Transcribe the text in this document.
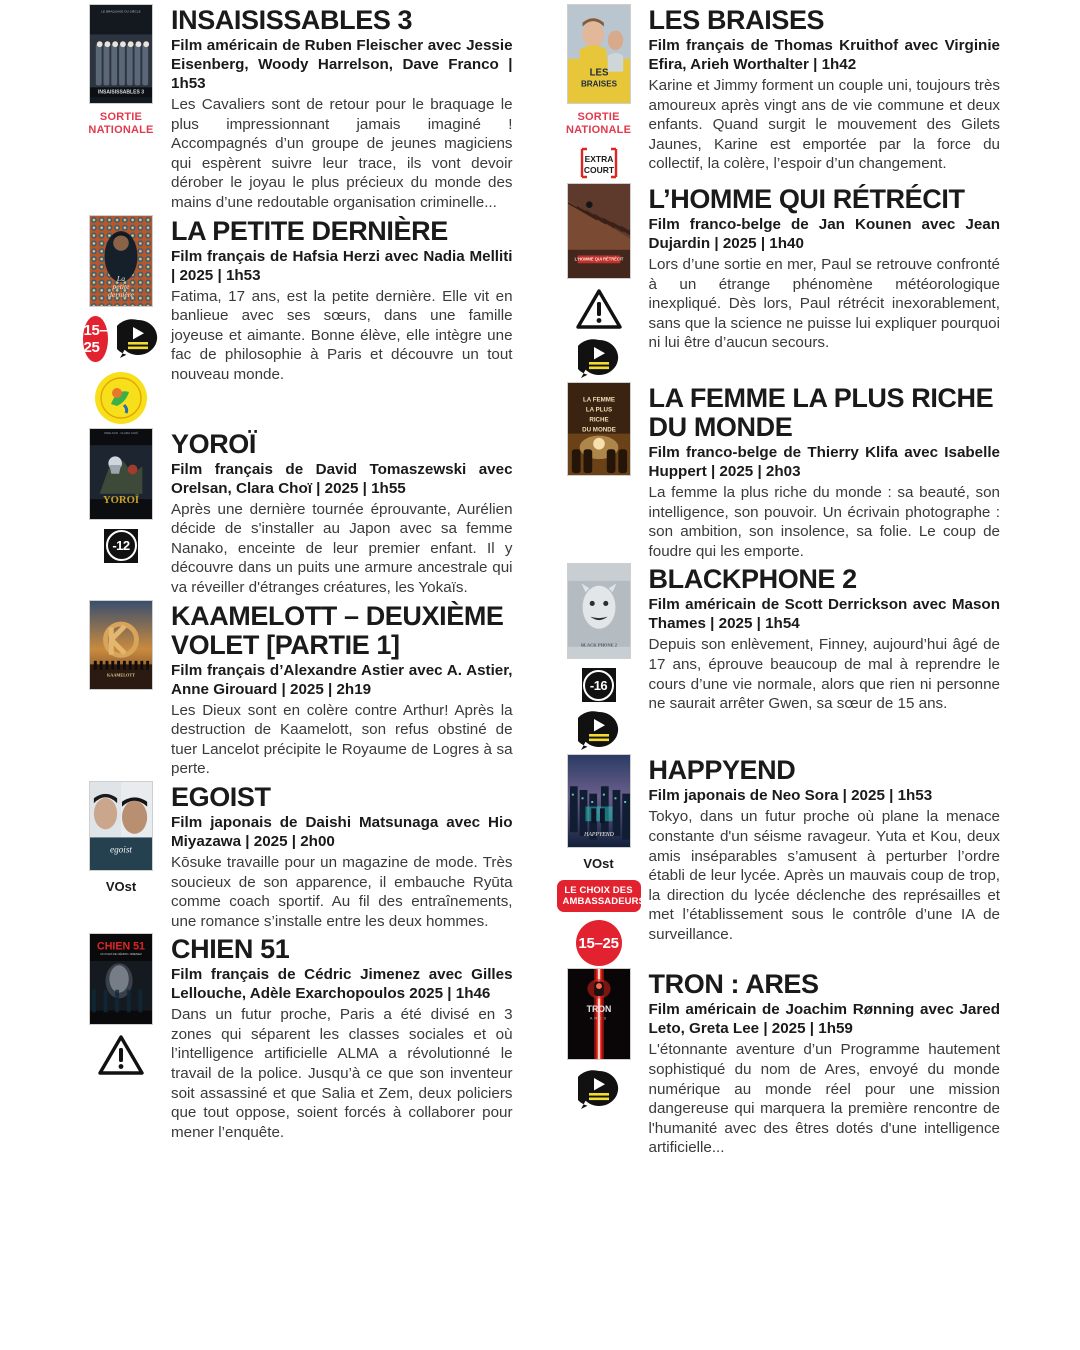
INSAISISSABLES 3
LE BRAQUAGE DU SIÈCLE
SORTIE
NATIONALE
INSAISISSABLES 3

Film américain de Ruben Fleischer avec Jessie Eisenberg, Woody Harrelson, Dave Franco | 1h53

Les Cavaliers sont de retour pour le braquage le plus impressionnant jamais imaginé ! Accompagnés d’un groupe de jeunes magiciens qui espèrent suivre leur trace, ils vont devoir dérober le joyau le plus précieux du monde des mains d’une redoutable organisation criminelle...

La
petite
dernière
15–25
LA PETITE DERNIÈRE

Film français de Hafsia Herzi avec Nadia Melliti | 2025 | 1h53

Fatima, 17 ans, est la petite dernière. Elle vit en banlieue avec ses sœurs, dans une famille joyeuse et aimante. Bonne élève, elle intègre une fac de philosophie à Paris et découvre un tout nouveau monde.

YOROÏ
ORELSAN · CLARA CHOÏ
-12
YOROÏ

Film français de David Tomaszewski avec Orelsan, Clara Choï | 2025 | 1h55

Après une dernière tournée éprouvante, Aurélien décide de s'installer au Japon avec sa femme Nanako, enceinte de leur premier enfant. Il y découvre dans un puits une armure ancestrale qui va réveiller d'étranges créatures, les Yokaïs.

KAAMELOTT
KAAMELOTT – DEUXIÈME VOLET [PARTIE 1]

Film français d’Alexandre Astier avec A. Astier, Anne Girouard | 2025 | 2h19

Les Dieux sont en colère contre Arthur! Après la destruction de Kaamelott, son refus obstiné de tuer Lancelot précipite le Royaume de Logres à sa perte.

egoist
VOst
EGOIST

Film japonais de Daishi Matsunaga avec Hio Miyazawa | 2025 | 2h00

Kōsuke travaille pour un magazine de mode. Très soucieux de son apparence, il embauche Ryūta comme coach sportif. Au fil des entraînements, une romance s’installe entre les deux hommes.

CHIEN 51
UN FILM DE CÉDRIC JIMENEZ CHIEN 51

Film français de Cédric Jimenez avec Gilles Lellouche, Adèle Exarchopoulos 2025 | 1h46

Dans un futur proche, Paris a été divisé en 3 zones qui séparent les classes sociales et où l’intelligence artificielle ALMA a révolutionné le travail de la police. Jusqu’à ce que son inventeur soit assassiné et que Salia et Zem, deux policiers que tout oppose, soient forcés à collaborer pour mener l’enquête.

LES
BRAISES
SORTIE
NATIONALE
EXTRA
COURT
LES BRAISES

Film français de Thomas Kruithof avec Virginie Efira, Arieh Worthalter | 1h42

Karine et Jimmy forment un couple uni, toujours très amoureux après vingt ans de vie commune et deux enfants. Quand surgit le mouvement des Gilets Jaunes, Karine est emportée par la force du collectif, la colère, l’espoir d’un changement.

L'HOMME QUI RÉTRÉCIT
L’HOMME QUI RÉTRÉCIT

Film franco-belge de Jan Kounen avec Jean Dujardin | 2025 | 1h40

Lors d’une sortie en mer, Paul se retrouve confronté à un étrange phénomène météorologique inexpliqué. Dès lors, Paul rétrécit inexorablement, sans que la science ne puisse lui expliquer pourquoi ni lui être d’aucun secours.

LA FEMME
LA PLUS
RICHE
DU MONDE
LA FEMME LA PLUS RICHE DU MONDE

Film franco-belge de Thierry Klifa avec Isabelle Huppert | 2025 | 2h03

La femme la plus riche du monde : sa beauté, son intelligence, son pouvoir. Un écrivain photographe : son ambition, son insolence, sa folie. Le coup de foudre qui les emporte.

BLACK PHONE 2
-16
BLACKPHONE 2

Film américain de Scott Derrickson avec Mason Thames | 2025 | 1h54

Depuis son enlèvement, Finney, aujourd’hui âgé de 17 ans, éprouve beaucoup de mal à reprendre le cours d’une vie normale, alors que rien ni personne ne saurait arrêter Gwen, sa sœur de 15 ans.

HAPPYEND
VOst
LE CHOIX DES AMBASSADEURS
15–25
HAPPYEND

Film japonais de Neo Sora | 2025 | 1h53

Tokyo, dans un futur proche où plane la menace constante d'un séisme ravageur. Yuta et Kou, deux amis inséparables s’amusent à perturber l’ordre établi de leur lycée. Après un mauvais coup de trop, la direction du lycée déclenche des représailles et met l’établissement sous le contrôle d’une IA de surveillance.

TRON
ARES
TRON : ARES

Film américain de Joachim Rønning avec Jared Leto, Greta Lee | 2025 | 1h59

L'étonnante aventure d’un Programme hautement sophistiqué du nom de Ares, envoyé du monde numérique au monde réel pour une mission dangereuse qui marquera la première rencontre de l'humanité avec des êtres dotés d'une intelligence artificielle...
